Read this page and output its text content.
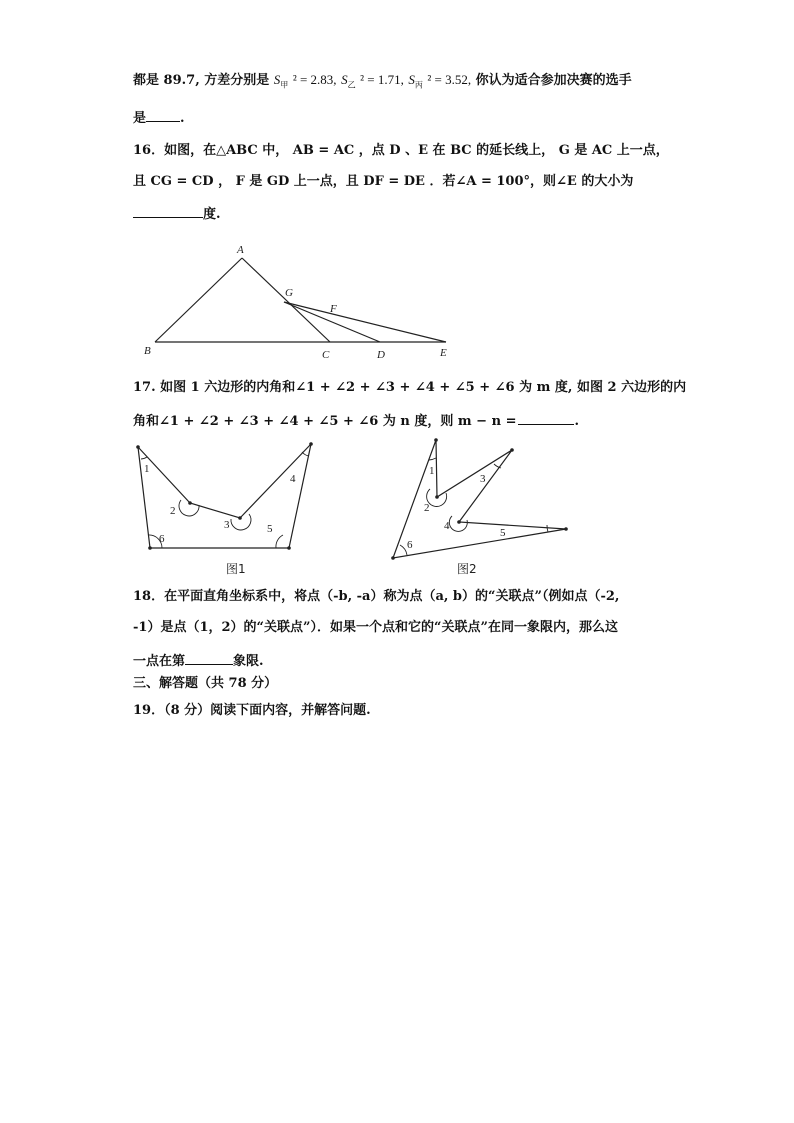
都是 89.7, 方差分别是 $S_甲$ ² = 2.83, $S_乙$ ² = 1.71, $S_丙$ ² = 3.52, 你认为适合参加决赛的选手
是	.
16．如图，在△ABC 中， AB = AC ，点 D 、E 在 BC 的延长线上， G 是 AC 上一点，
且 CG = CD ， F 是 GD 上一点，且 DF = DE ．若∠A = 100°，则∠E 的大小为
度.
A
B	C	D	E
F
G
17. 如图 1 六边形的内角和∠1 + ∠2 + ∠3 + ∠4 + ∠5 + ∠6 为 m 度, 如图 2 六边形的内
角和∠1 + ∠2 + ∠3 + ∠4 + ∠5 + ∠6 为 n 度，则 m − n =	.
1
2
3
4
5
6
图1
1
2
3
4
5
6
图2
18．在平面直角坐标系中，将点（-b, -a）称为点（a, b）的“关联点”（例如点（-2,
-1）是点（1，2）的“关联点”）．如果一个点和它的“关联点”在同一象限内，那么这
一点在第	象限.
三、解答题（共 78 分）
19．（8 分）阅读下面内容，并解答问题.
